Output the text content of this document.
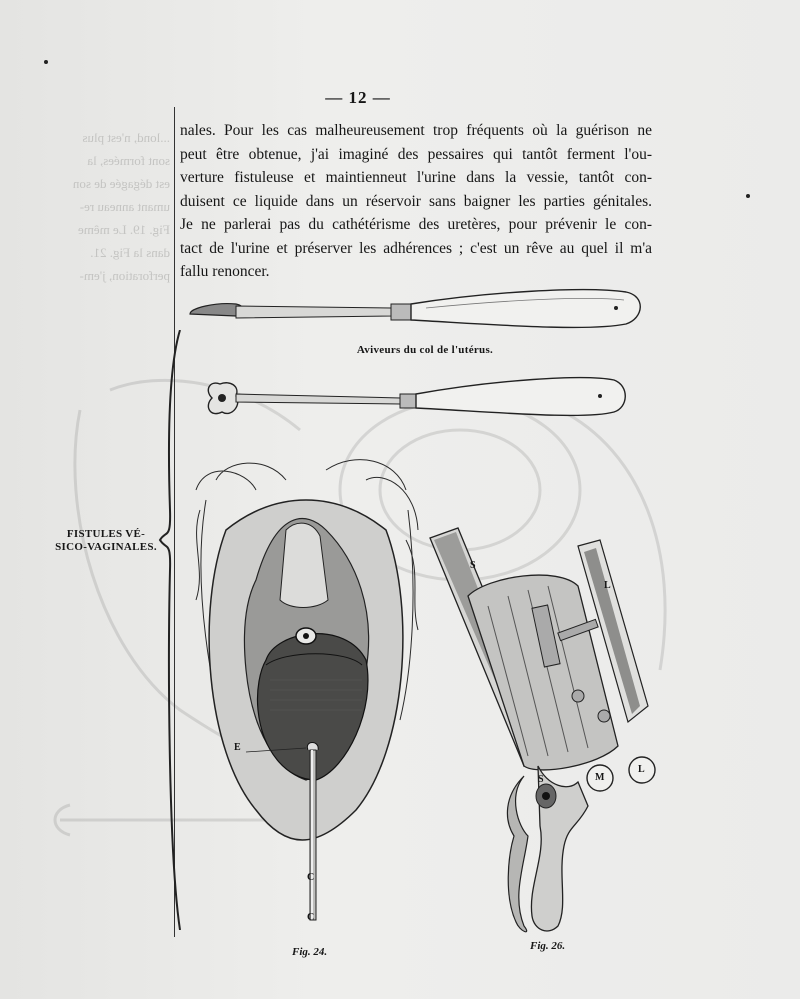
...lond, n'est plus
sont formées, la
est dégagée de son
umant anneau re-
Fig. 19. Le même
dans la Fig. 21.
perforation, j'em-
— 12 —
nales. Pour les cas malheureusement trop fréquents où la guérison ne
peut être obtenue, j'ai imaginé des pessaires qui tantôt ferment l'ou-
verture fistuleuse et maintienneut l'urine dans la vessie, tantôt con-
duisent ce liquide dans un réservoir sans baigner les parties génitales.
Je ne parlerai pas du cathétérisme des uretères, pour prévenir le con-
tact de l'urine et préserver les adhérences ; c'est un rêve au quel il m'a
fallu renoncer.
FISTULES VÉ-
SICO-VAGINALES.
Aviveurs du col de l'utérus.
E
C
C
Fig. 24.
S
L
S	M
L
Fig. 26.
